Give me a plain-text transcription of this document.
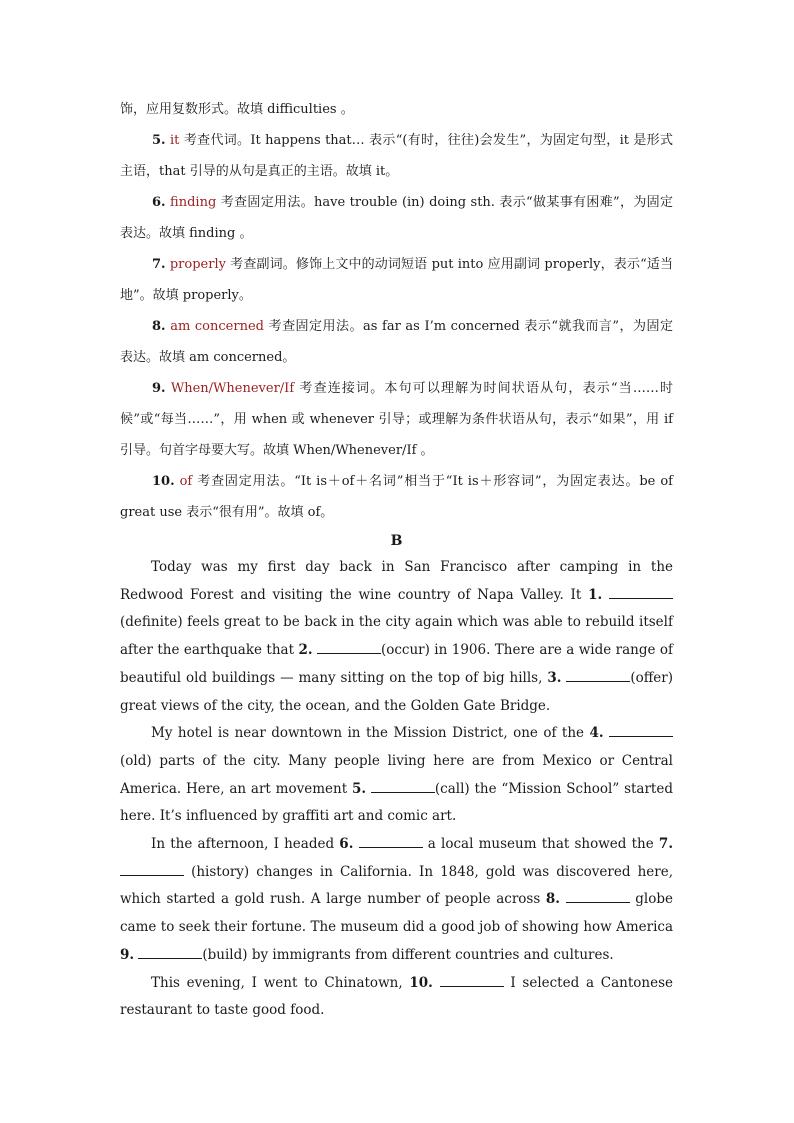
饰，应用复数形式。故填 difficulties 。

5. it 考查代词。It happens that… 表示“(有时，往往)会发生”，为固定句型，it 是形式主语，that 引导的从句是真正的主语。故填 it。

6. finding 考查固定用法。have trouble (in) doing sth. 表示“做某事有困难”，为固定表达。故填 finding 。

7. properly 考查副词。修饰上文中的动词短语 put into 应用副词 properly，表示“适当地”。故填 properly。

8. am concerned 考查固定用法。as far as I’m concerned 表示“就我而言”，为固定表达。故填 am concerned。

9. When/Whenever/If 考查连接词。本句可以理解为时间状语从句，表示“当……时候”或“每当……”，用 when 或 whenever 引导；或理解为条件状语从句，表示“如果”，用 if 引导。句首字母要大写。故填 When/Whenever/If 。

10. of 考查固定用法。“It is＋of＋名词”相当于“It is＋形容词”，为固定表达。be of great use 表示“很有用”。故填 of。

B

Today was my first day back in San Francisco after camping in the Redwood Forest and visiting the wine country of Napa Valley. It 1. (definite) feels great to be back in the city again which was able to rebuild itself after the earthquake that 2.	(occur) in 1906. There are a wide range of beautiful old buildings — many sitting on the top of big hills, 3.	(offer) great views of the city, the ocean, and the Golden Gate Bridge.

My hotel is near downtown in the Mission District, one of the 4. (old) parts of the city. Many people living here are from Mexico or Central America. Here, an art movement 5.	(call) the “Mission School” started here. It’s influenced by graffiti art and comic art.

In the afternoon, I headed 6.	a local museum that showed the 7.  (history) changes in California. In 1848, gold was discovered here, which started a gold rush. A large number of people across 8.	globe came to seek their fortune. The museum did a good job of showing how America 9.	(build) by immigrants from different countries and cultures.

This evening, I went to Chinatown, 10.	I selected a Cantonese restaurant to taste good food.
